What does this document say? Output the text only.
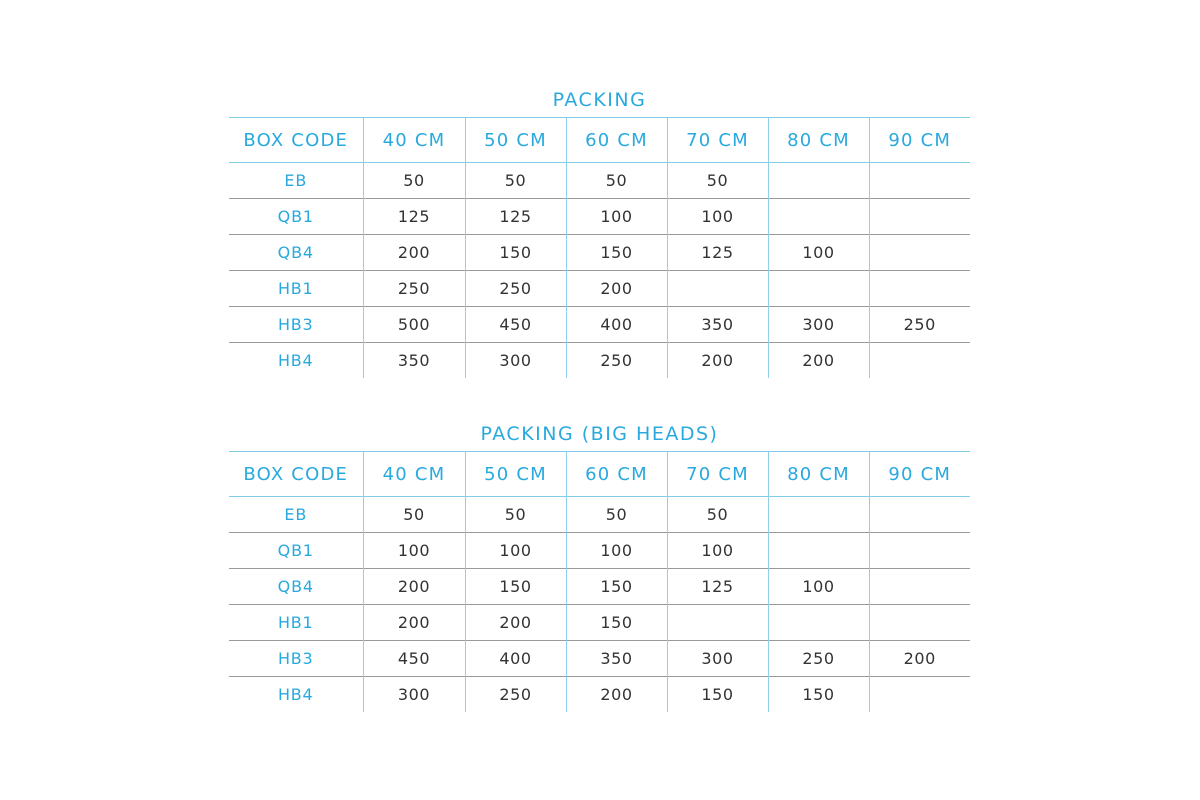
PACKING
BOX CODE	40 CM	50 CM	60 CM	70 CM	80 CM	90 CM
EB	50	50	50	50		
QB1	125	125	100	100		
QB4	200	150	150	125	100	
HB1	250	250	200			
HB3	500	450	400	350	300	250
HB4	350	300	250	200	200	
PACKING (BIG HEADS)
BOX CODE	40 CM	50 CM	60 CM	70 CM	80 CM	90 CM
EB	50	50	50	50		
QB1	100	100	100	100		
QB4	200	150	150	125	100	
HB1	200	200	150			
HB3	450	400	350	300	250	200
HB4	300	250	200	150	150	
